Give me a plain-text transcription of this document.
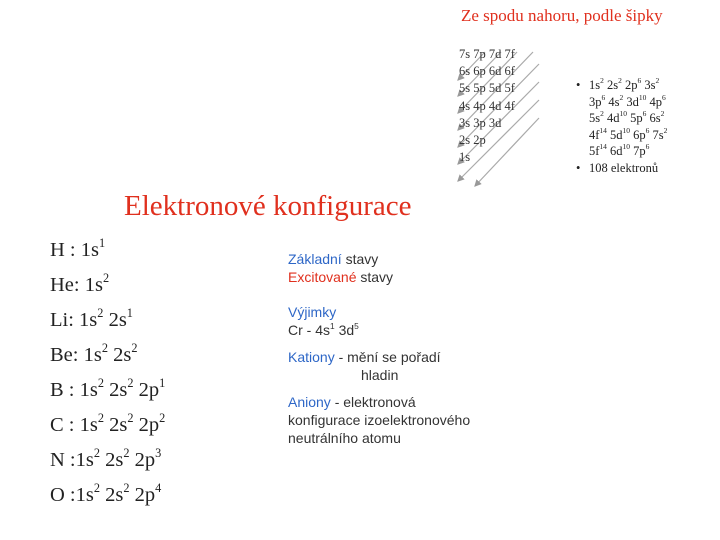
Ze spodu nahoru, podle šipky
7s 7p 7d 7f
6s 6p 6d 6f
5s 5p 5d 5f
4s 4p 4d 4f
3s 3p 3d
2s 2p
1s
• $1s^2$ $2s^2$ $2p^6$ $3s^2$
$3p^6$ $4s^2$ $3d^{10}$ $4p^6$
$5s^2$ $4d^{10}$ $5p^6$ $6s^2$
$4f^{14}$ $5d^{10}$ $6p^6$ $7s^2$
$5f^{14}$ $6d^{10}$ $7p^6$
• 108 elektronů
Elektronové konfigurace
H : $1s^1$
He: $1s^2$
Li: $1s^2$ $2s^1$
Be: $1s^2$ $2s^2$
B : $1s^2$ $2s^2$ $2p^1$
C : $1s^2$ $2s^2$ $2p^2$
N $:1s^2$ $2s^2$ $2p^3$
O $:1s^2$ $2s^2$ $2p^4$
Základní stavy
Excitované stavy
Výjimky
Cr - $4s^1$ $3d^5$
Kationy - mění se pořadí
hladin
Aniony - elektronová
konfigurace izoelektronového
neutrálního atomu
